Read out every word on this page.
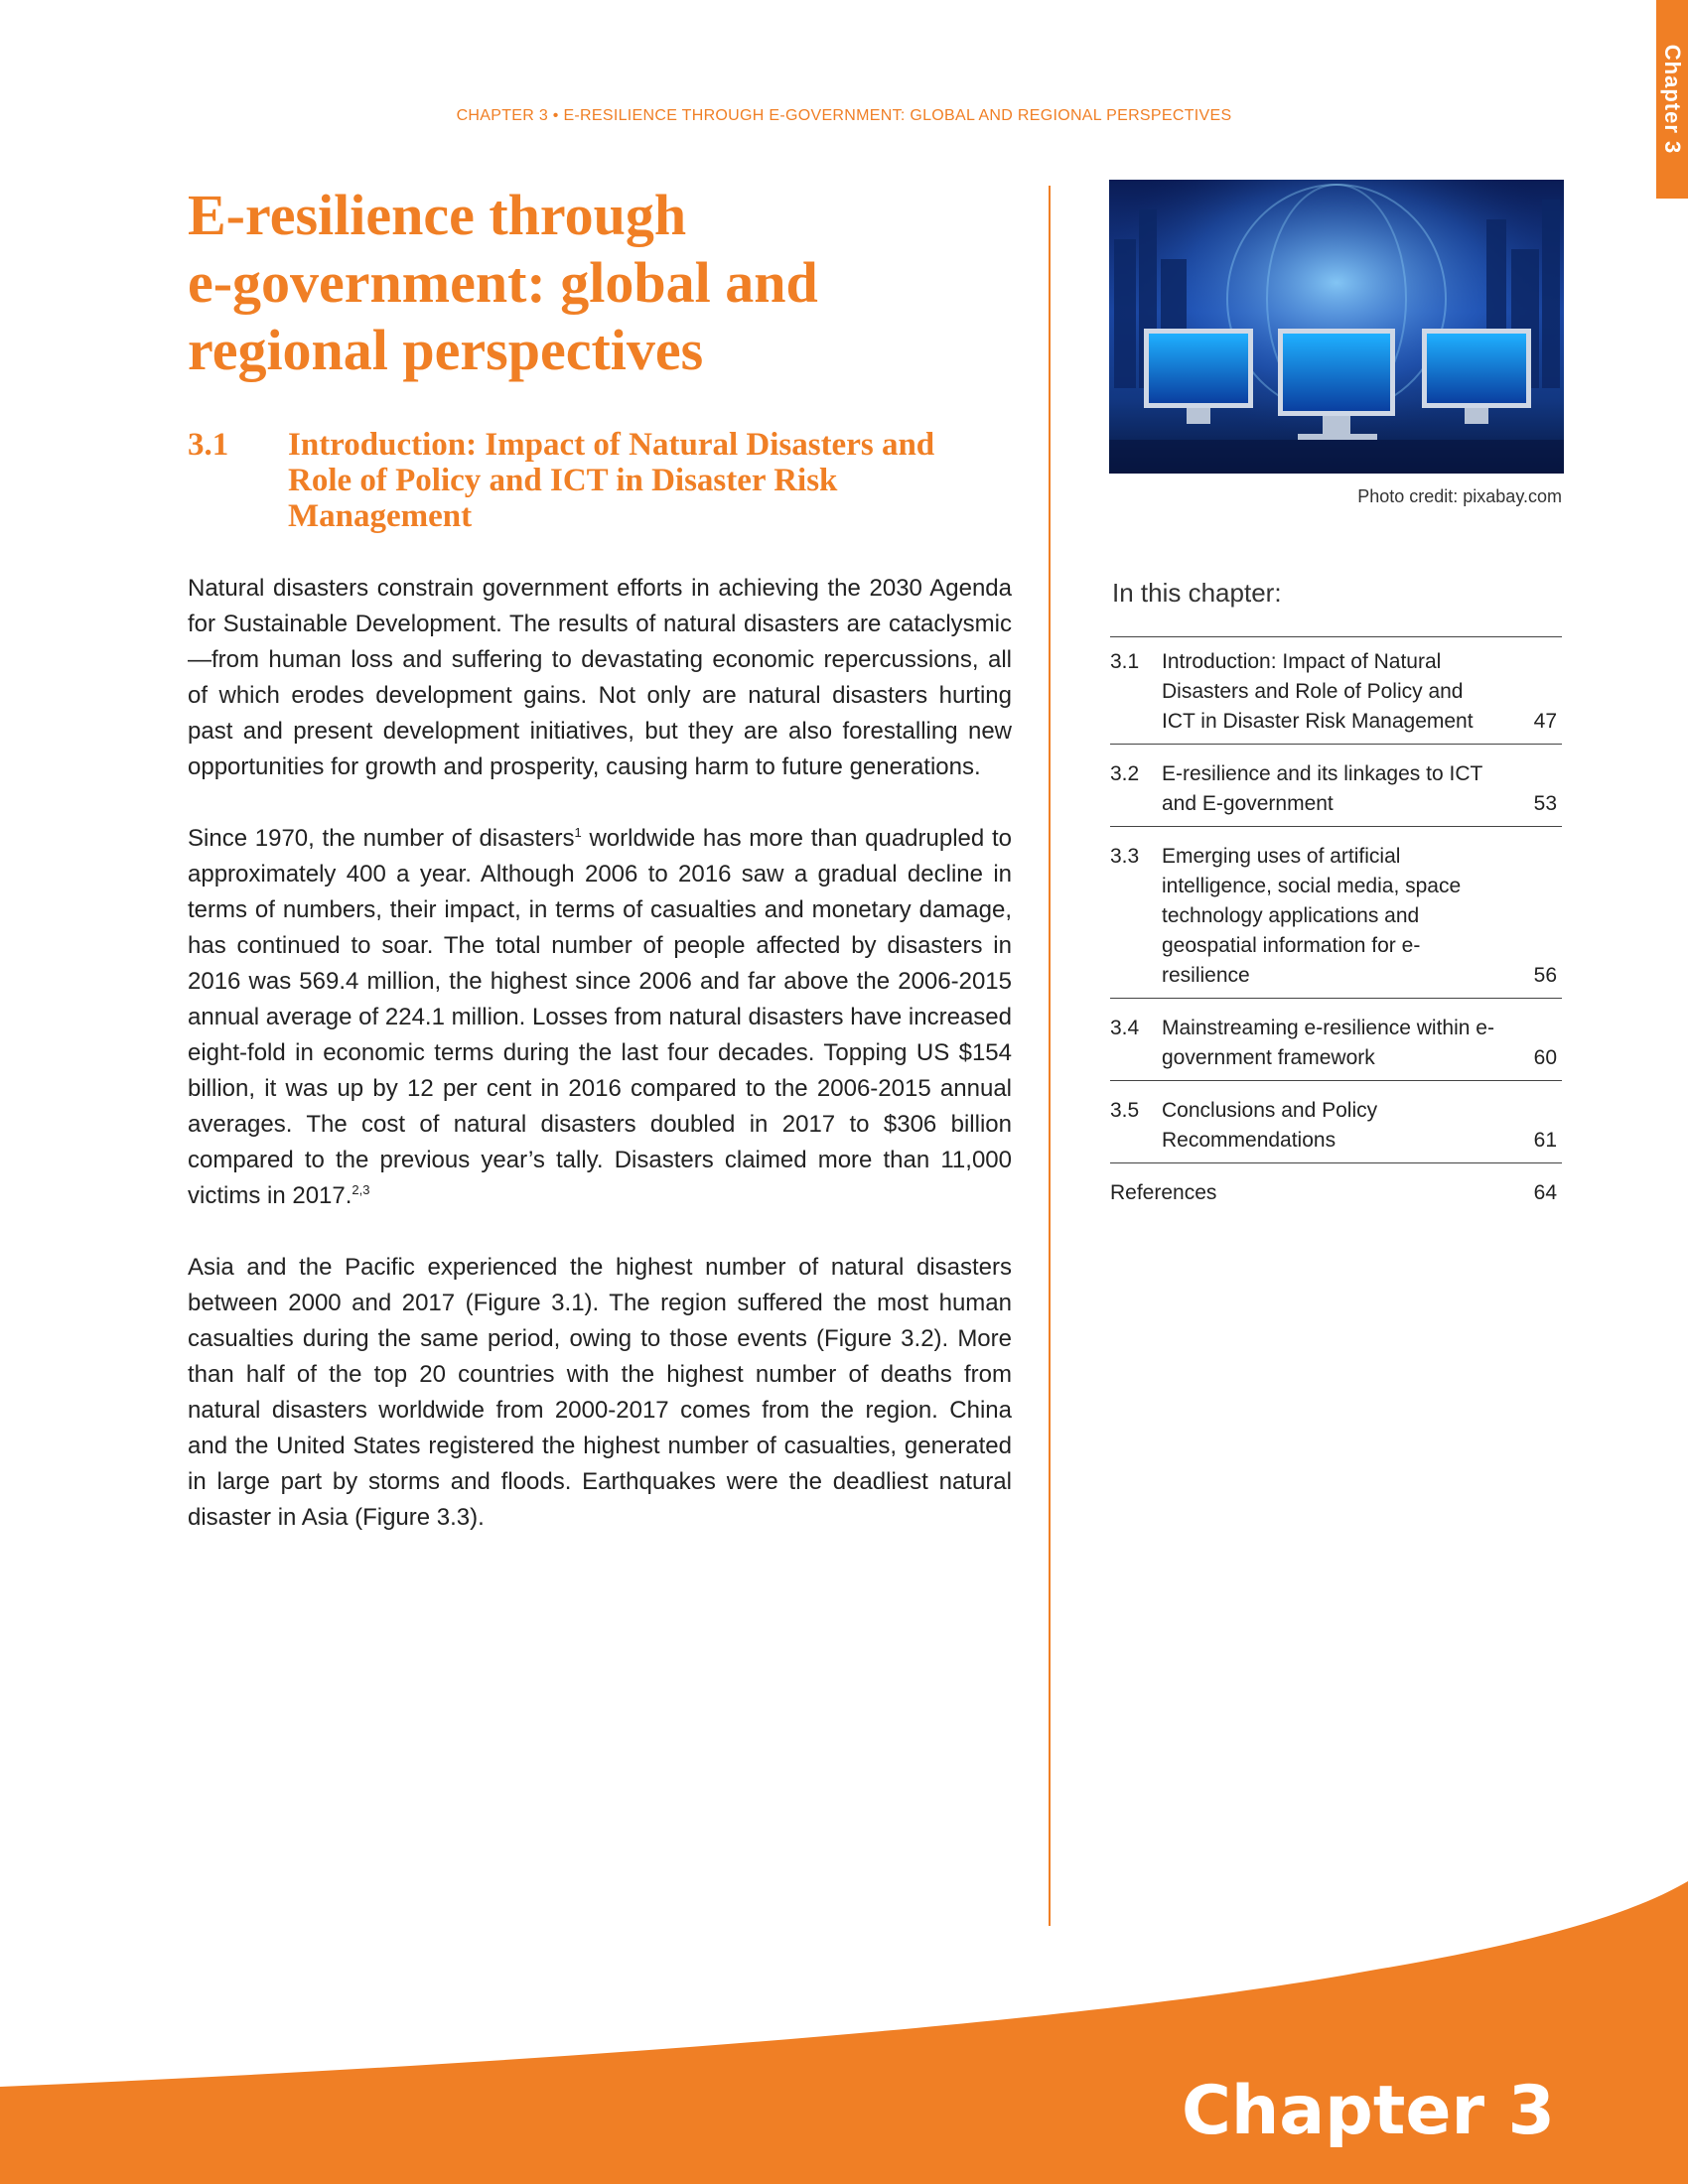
Chapter 3
CHAPTER 3 • E-RESILIENCE THROUGH E-GOVERNMENT: GLOBAL AND REGIONAL PERSPECTIVES
E-resilience through
e-government: global and
regional perspectives
3.1 Introduction: Impact of Natural Disasters and Role of Policy and ICT in Disaster Risk Management

Natural disasters constrain government efforts in achieving the 2030 Agenda for Sustainable Development. The results of natural disasters are cataclysmic—from human loss and suffering to devastating economic repercussions, all of which erodes development gains. Not only are natural disasters hurting past and present development initiatives, but they are also forestalling new opportunities for growth and prosperity, causing harm to future generations.

Since 1970, the number of disasters$^1$ worldwide has more than quadrupled to approximately 400 a year. Although 2006 to 2016 saw a gradual decline in terms of numbers, their impact, in terms of casualties and monetary damage, has continued to soar. The total number of people affected by disasters in 2016 was 569.4 million, the highest since 2006 and far above the 2006-2015 annual average of 224.1 million. Losses from natural disasters have increased eight-fold in economic terms during the last four decades. Topping US $154 billion, it was up by 12 per cent in 2016 compared to the 2006-2015 annual averages. The cost of natural disasters doubled in 2017 to $306 billion compared to the previous year’s tally. Disasters claimed more than 11,000 victims in 2017.$^{2,3}$

Asia and the Pacific experienced the highest number of natural disasters between 2000 and 2017 (Figure 3.1). The region suffered the most human casualties during the same period, owing to those events (Figure 3.2). More than half of the top 20 countries with the highest number of deaths from natural disasters worldwide from 2000-2017 comes from the region. China and the United States registered the highest number of casualties, generated in large part by storms and floods. Earthquakes were the deadliest natural disaster in Asia (Figure 3.3).

Photo credit: pixabay.com
In this chapter:
3.1	Introduction: Impact of Natural Disasters and Role of Policy and ICT in Disaster Risk Management	47
3.2	E-resilience and its linkages to ICT and E-government	53
3.3	Emerging uses of artificial intelligence, social media, space technology applications and geospatial information for e-resilience	56
3.4	Mainstreaming e-resilience within e-government framework	60
3.5	Conclusions and Policy Recommendations	61
References	64
Chapter 3
